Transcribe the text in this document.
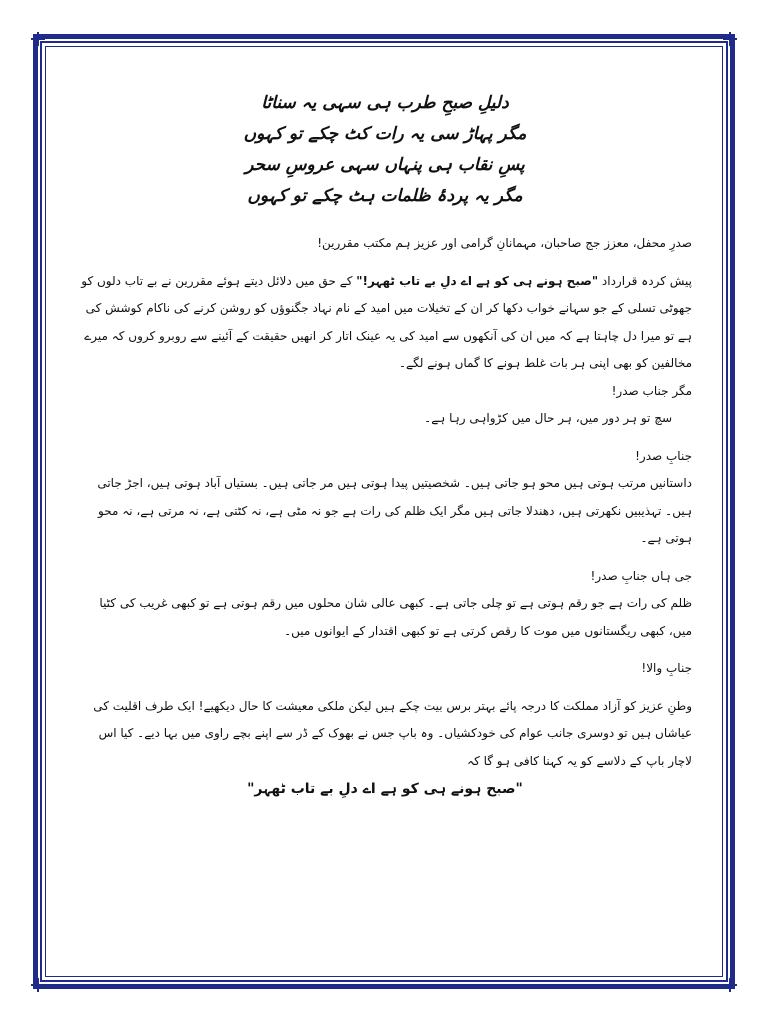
دلیلِ صبحِ طرب ہی سہی یہ سناٹا
مگر پہاڑ سی یہ رات کٹ چکے تو کہوں
پسِ نقاب ہی پنہاں سہی عروسِ سحر
مگر یہ پردۂ ظلمات ہٹ چکے تو کہوں

صدرِ محفل، معزز جج صاحبان، مہمانانِ گرامی اور عزیز ہم مکتب مقررین!

پیش کردہ قرارداد "صبح ہونے ہی کو ہے اے دلِ بے تاب ٹھہر!" کے حق میں دلائل دیتے ہوئے مقررین نے بے تاب دلوں کو جھوٹی تسلی کے جو سہانے خواب دکھا کر ان کے تخیلات میں امید کے نام نہاد جگنوؤں کو روشن کرنے کی ناکام کوشش کی ہے تو میرا دل چاہتا ہے کہ میں ان کی آنکھوں سے امید کی یہ عینک اتار کر انھیں حقیقت کے آئینے سے روبرو کروں کہ میرے مخالفین کو بھی اپنی ہر بات غلط ہونے کا گماں ہونے لگے۔

مگر جناب صدر!

سچ تو ہر دور میں، ہر حال میں کڑواہی رہا ہے۔

جنابِ صدر!

داستانیں مرتب ہوتی ہیں محو ہو جاتی ہیں۔ شخصیتیں پیدا ہوتی ہیں مر جاتی ہیں۔ بستیاں آباد ہوتی ہیں، اجڑ جاتی ہیں۔ تہذیبیں نکھرتی ہیں، دھندلا جاتی ہیں مگر ایک ظلم کی رات ہے جو نہ مٹی ہے، نہ کٹتی ہے، نہ مرتی ہے، نہ محو ہوتی ہے۔

جی ہاں جنابِ صدر!

ظلم کی رات ہے جو رقم ہوتی ہے تو چلی جاتی ہے۔ کبھی عالی شان محلوں میں رقم ہوتی ہے تو کبھی غریب کی کٹیا میں، کبھی ریگستانوں میں موت کا رقص کرتی ہے تو کبھی اقتدار کے ایوانوں میں۔

جنابِ والا!

وطنِ عزیز کو آزاد مملکت کا درجہ پائے بہتر برس بیت چکے ہیں لیکن ملکی معیشت کا حال دیکھیے! ایک طرف اقلیت کی عیاشاں ہیں تو دوسری جانب عوام کی خودکشیاں۔ وہ باپ جس نے بھوک کے ڈر سے اپنے بچے راوی میں بہا دیے۔ کیا اس لاچار باپ کے دلاسے کو یہ کہنا کافی ہو گا کہ

"صبح ہونے ہی کو ہے اے دلِ بے تاب ٹھہر"
